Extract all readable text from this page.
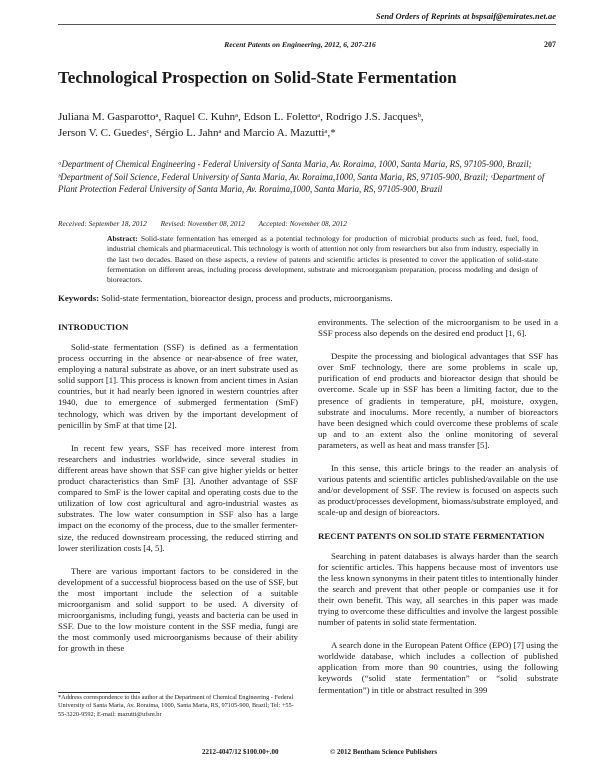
Send Orders of Reprints at bspsaif@emirates.net.ae
Recent Patents on Engineering, 2012, 6, 207-216	207
Technological Prospection on Solid-State Fermentation
Juliana M. Gasparottoᵃ, Raquel C. Kuhnᵃ, Edson L. Folettoᵃ, Rodrigo J.S. Jacquesᵇ,
Jerson V. C. Guedesᶜ, Sérgio L. Jahnᵃ and Marcio A. Mazuttiᵃ,*
ᵃDepartment of Chemical Engineering - Federal University of Santa Maria, Av. Roraima, 1000, Santa Maria, RS, 97105-900, Brazil; ᵇDepartment of Soil Science, Federal University of Santa Maria, Av. Roraima,1000, Santa Maria, RS, 97105-900, Brazil; ᶜDepartment of Plant Protection Federal University of Santa Maria, Av. Roraima,1000, Santa Maria, RS, 97105-900, Brazil
Received: September 18, 2012 Revised: November 08, 2012 Accepted: November 08, 2012
Abstract: Solid-state fermentation has emerged as a potential technology for production of microbial products such as feed, fuel, food, industrial chemicals and pharmaceutical. This technology is worth of attention not only from researchers but also from industry, especially in the last two decades. Based on these aspects, a review of patents and scientific articles is presented to cover the application of solid-state fermentation on different areas, including process development, substrate and microorganism preparation, process modeling and design of bioreactors.
Keywords: Solid-state fermentation, bioreactor design, process and products, microorganisms.
INTRODUCTION

Solid-state fermentation (SSF) is defined as a fermentation process occurring in the absence or near-absence of free water, employing a natural substrate as above, or an inert substrate used as solid support [1]. This process is known from ancient times in Asian countries, but it had nearly been ignored in western countries after 1940, due to emergence of submerged fermentation (SmF) technology, which was driven by the important development of penicillin by SmF at that time [2].

In recent few years, SSF has received more interest from researchers and industries worldwide, since several studies in different areas have shown that SSF can give higher yields or better product characteristics than SmF [3]. Another advantage of SSF compared to SmF is the lower capital and operating costs due to the utilization of low cost agricultural and agro-industrial wastes as substrates. The low water consumption in SSF also has a large impact on the economy of the process, due to the smaller fermenter-size, the reduced downstream processing, the reduced stirring and lower sterilization costs [4, 5].

There are various important factors to be considered in the development of a successful bioprocess based on the use of SSF, but the most important include the selection of a suitable microorganism and solid support to be used. A diversity of microorganisms, including fungi, yeasts and bacteria can be used in SSF. Due to the low moisture content in the SSF media, fungi are the most commonly used microorganisms because of their ability for growth in these

environments. The selection of the microorganism to be used in a SSF process also depends on the desired end product [1, 6].

Despite the processing and biological advantages that SSF has over SmF technology, there are some problems in scale up, purification of end products and bioreactor design that should be overcome. Scale up in SSF has been a limiting factor, due to the presence of gradients in temperature, pH, moisture, oxygen, substrate and inoculums. More recently, a number of bioreactors have been designed which could overcome these problems of scale up and to an extent also the online monitoring of several parameters, as well as heat and mass transfer [5].

In this sense, this article brings to the reader an analysis of various patents and scientific articles published/available on the use and/or development of SSF. The review is focused on aspects such as product/processes development, biomass/substrate employed, and scale-up and design of bioreactors.

RECENT PATENTS ON SOLID STATE FERMENTATION

Searching in patent databases is always harder than the search for scientific articles. This happens because most of inventors use the less known synonyms in their patent titles to intentionally hinder the search and prevent that other people or companies use it for their own benefit. This way, all searches in this paper was made trying to overcome these difficulties and involve the largest possible number of patents in solid state fermentation.

A search done in the European Patent Office (EPO) [7] using the worldwide database, which includes a collection of published application from more than 90 countries, using the following keywords (“solid state fermentation” or “solid substrate fermentation”) in title or abstract resulted in 399

*Address correspondence to this author at the Department of Chemical Engineering - Federal University of Santa Maria, Av. Roraima, 1000, Santa Maria, RS, 97105-900, Brazil; Tel: +55-55-3220-9592; E-mail: mazutti@ufsm.br
2212-4047/12 $100.00+.00	© 2012 Bentham Science Publishers
